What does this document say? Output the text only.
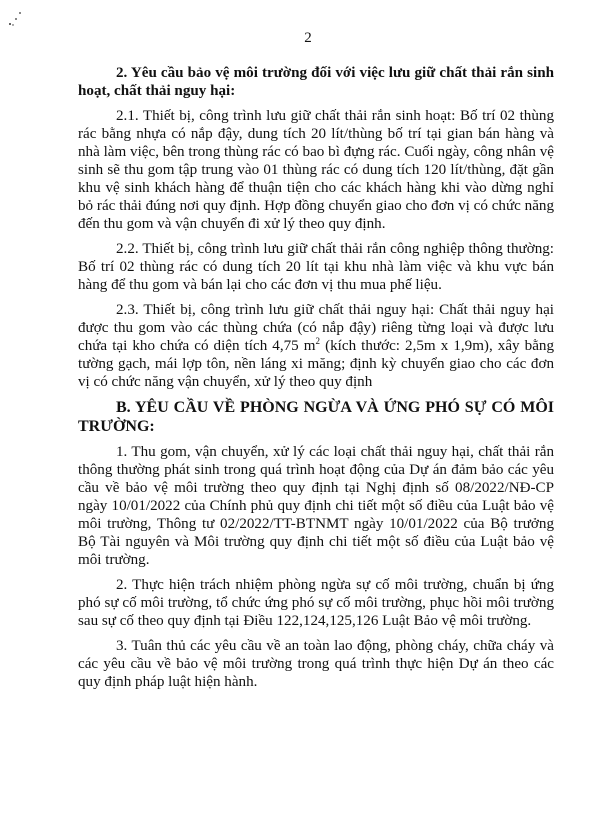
2

2. Yêu cầu bảo vệ môi trường đối với việc lưu giữ chất thải rắn sinh hoạt, chất thải nguy hại:

2.1. Thiết bị, công trình lưu giữ chất thải rắn sinh hoạt: Bố trí 02 thùng rác bằng nhựa có nắp đậy, dung tích 20 lít/thùng bố trí tại gian bán hàng và nhà làm việc, bên trong thùng rác có bao bì đựng rác. Cuối ngày, công nhân vệ sinh sẽ thu gom tập trung vào 01 thùng rác có dung tích 120 lít/thùng, đặt gần khu vệ sinh khách hàng để thuận tiện cho các khách hàng khi vào dừng nghỉ bỏ rác thải đúng nơi quy định. Hợp đồng chuyển giao cho đơn vị có chức năng đến thu gom và vận chuyển đi xử lý theo quy định.

2.2. Thiết bị, công trình lưu giữ chất thải rắn công nghiệp thông thường: Bố trí 02 thùng rác có dung tích 20 lít tại khu nhà làm việc và khu vực bán hàng để thu gom và bán lại cho các đơn vị thu mua phế liệu.

2.3. Thiết bị, công trình lưu giữ chất thải nguy hại: Chất thải nguy hại được thu gom vào các thùng chứa (có nắp đậy) riêng từng loại và được lưu chứa tại kho chứa có diện tích 4,75 $m^2$ (kích thước: 2,5m x 1,9m), xây bằng tường gạch, mái lợp tôn, nền láng xi măng; định kỳ chuyển giao cho các đơn vị có chức năng vận chuyển, xử lý theo quy định

B. YÊU CẦU VỀ PHÒNG NGỪA VÀ ỨNG PHÓ SỰ CÓ MÔI TRƯỜNG:

1. Thu gom, vận chuyển, xử lý các loại chất thải nguy hại, chất thải rắn thông thường phát sinh trong quá trình hoạt động của Dự án đảm bảo các yêu cầu về bảo vệ môi trường theo quy định tại Nghị định số 08/2022/NĐ-CP ngày 10/01/2022 của Chính phủ quy định chi tiết một số điều của Luật bảo vệ môi trường, Thông tư 02/2022/TT-BTNMT ngày 10/01/2022 của Bộ trưởng Bộ Tài nguyên và Môi trường quy định chi tiết một số điều của Luật bảo vệ môi trường.

2. Thực hiện trách nhiệm phòng ngừa sự cố môi trường, chuẩn bị ứng phó sự cố môi trường, tổ chức ứng phó sự cố môi trường, phục hồi môi trường sau sự cố theo quy định tại Điều 122,124,125,126 Luật Bảo vệ môi trường.

3. Tuân thủ các yêu cầu về an toàn lao động, phòng cháy, chữa cháy và các yêu cầu về bảo vệ môi trường trong quá trình thực hiện Dự án theo các quy định pháp luật hiện hành.
